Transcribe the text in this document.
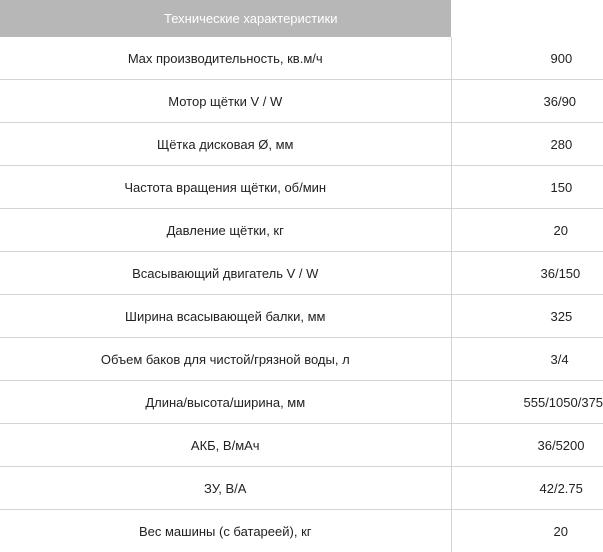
Технические характеристики	
Max производительность, кв.м/ч	900
Мотор щётки V / W	36/90
Щётка дисковая Ø, мм	280
Частота вращения щётки, об/мин	150
Давление щётки, кг	20
Всасывающий двигатель V / W	36/150
Ширина всасывающей балки, мм	325
Объем баков для чистой/грязной воды, л	3/4
Длина/высота/ширина, мм	555/1050/375
АКБ, В/мАч	36/5200
ЗУ, В/А	42/2.75
Вес машины (с батареей), кг	20
